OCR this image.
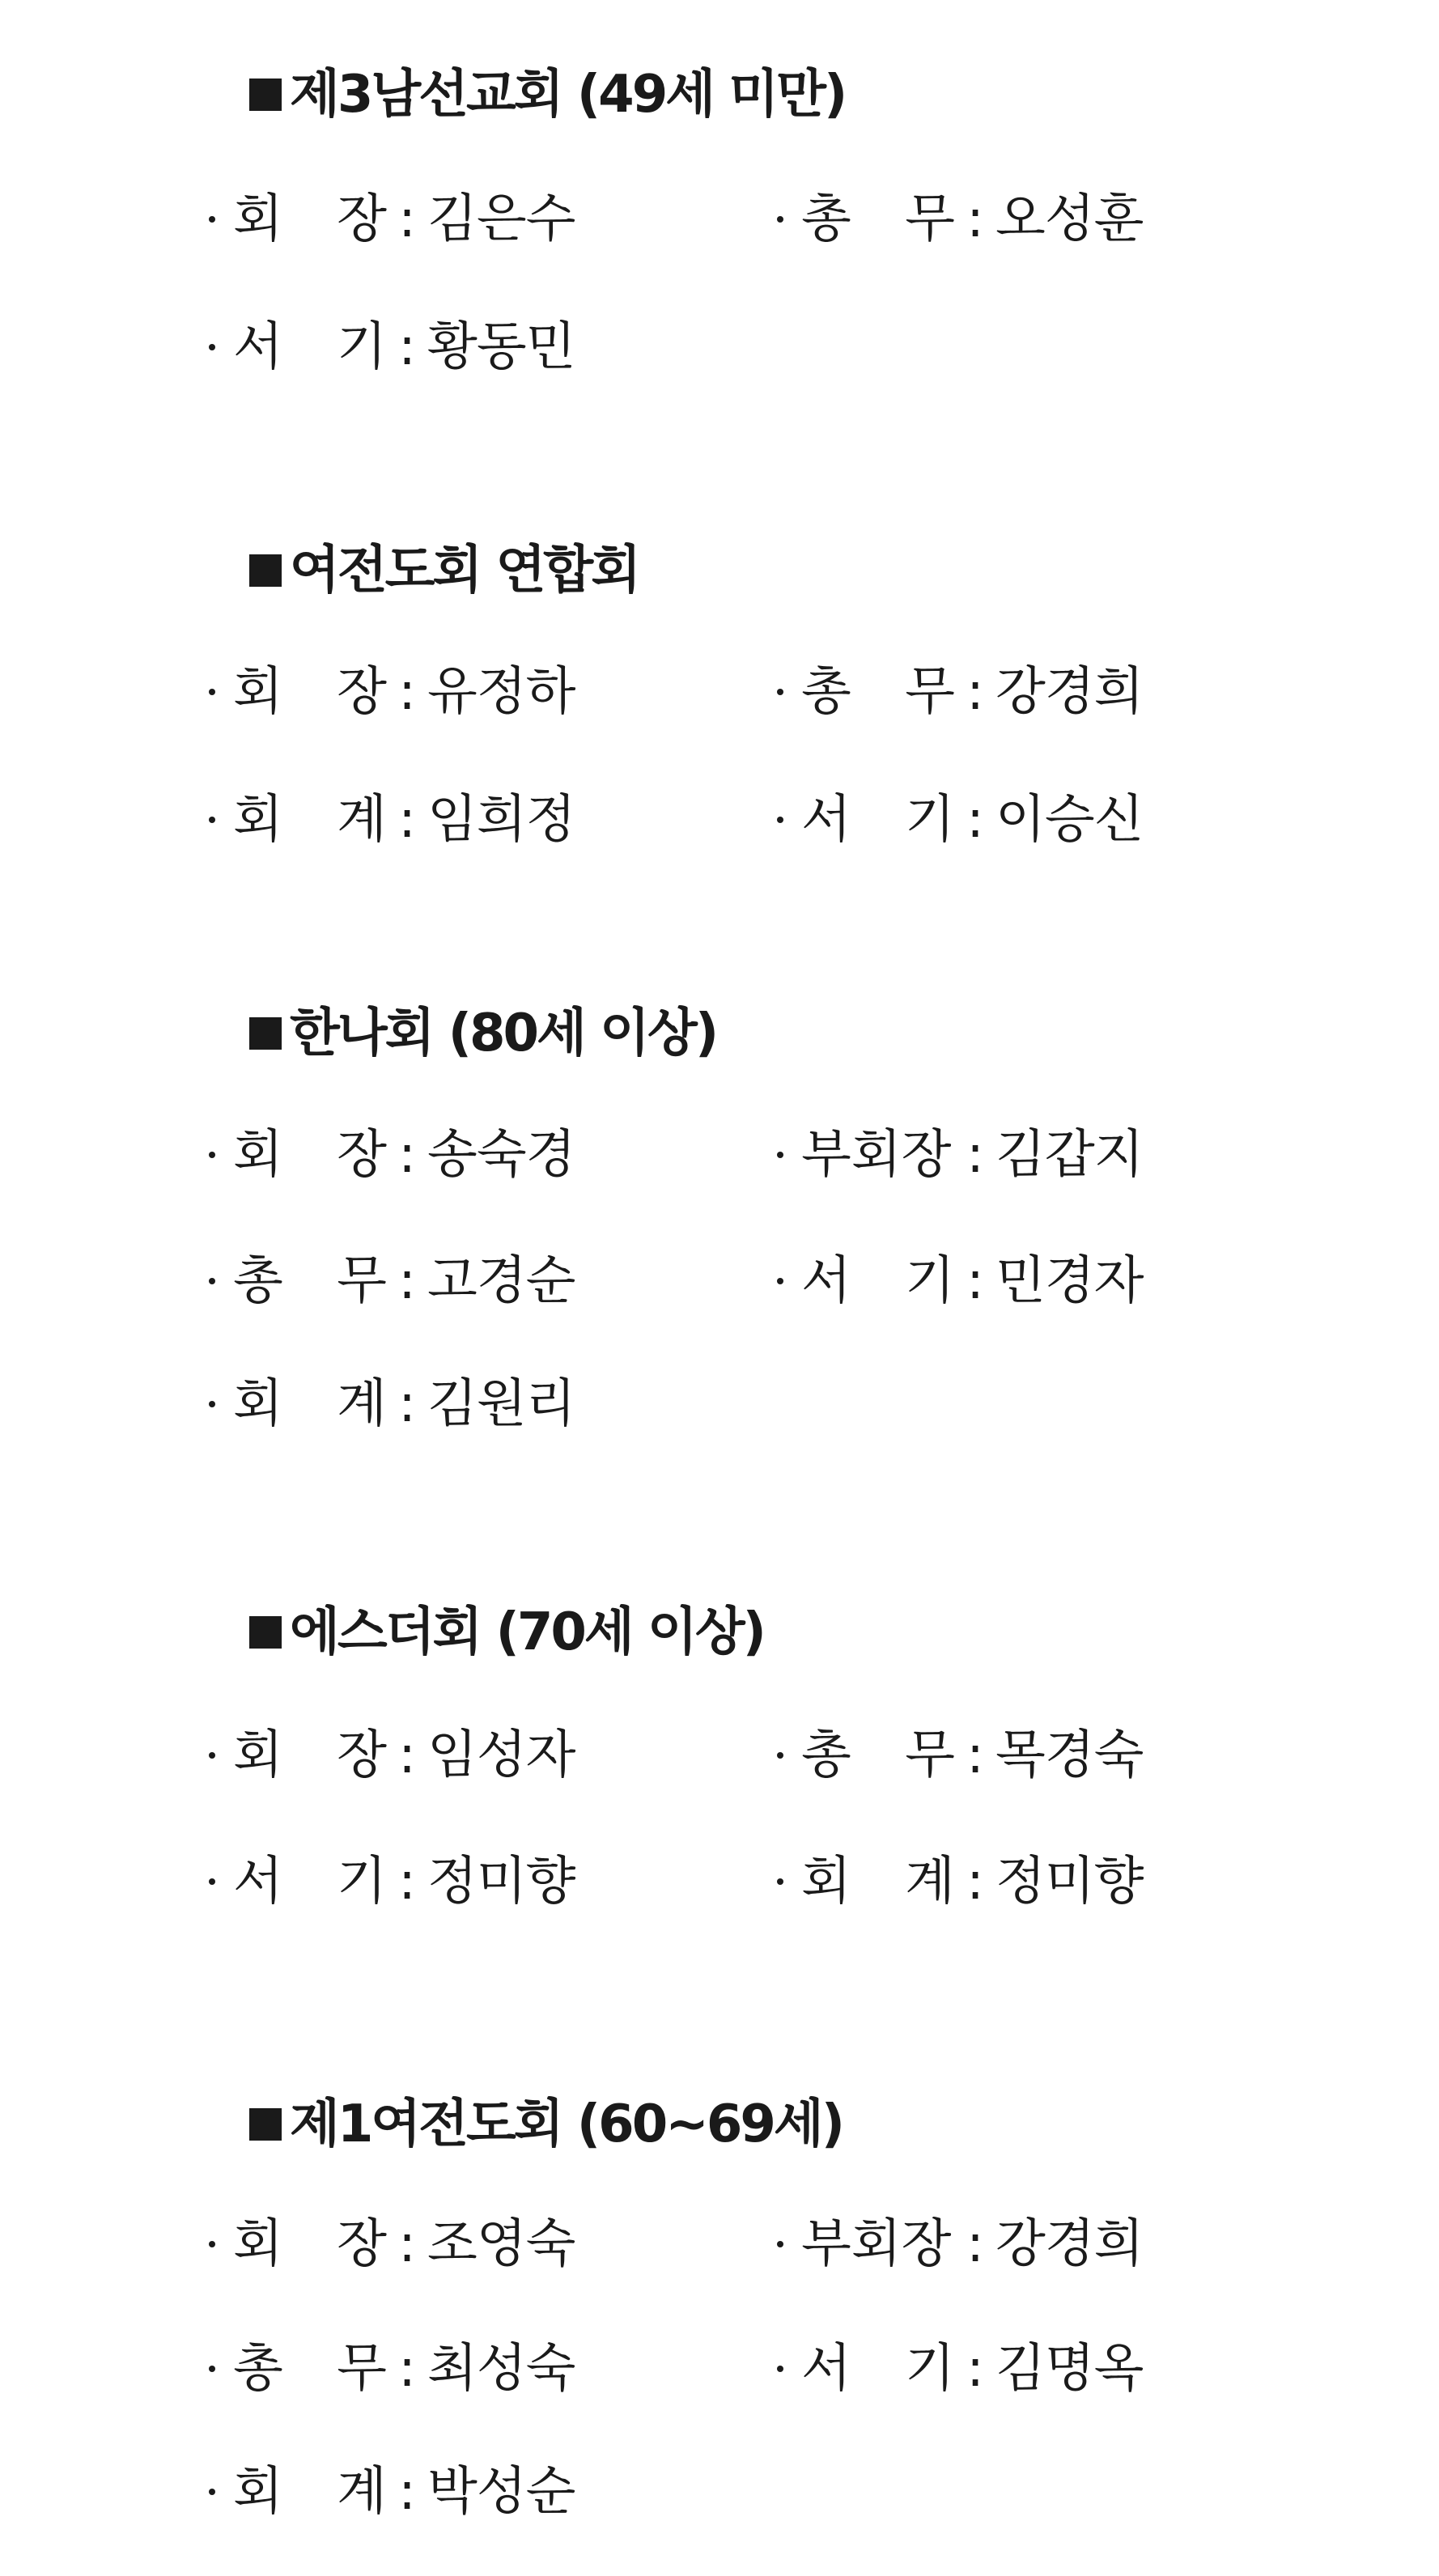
제3남선교회 (49세 미만)
회 장 : 김은수	총 무 : 오성훈
서 기 : 황동민
여전도회 연합회
회 장 : 유정하	총 무 : 강경희
회 계 : 임희정	서 기 : 이승신
한나회 (80세 이상)
회 장 : 송숙경	부회장 : 김갑지
총 무 : 고경순	서 기 : 민경자
회 계 : 김원리
에스더회 (70세 이상)
회 장 : 임성자	총 무 : 목경숙
서 기 : 정미향	회 계 : 정미향
제1여전도회 (60~69세)
회 장 : 조영숙	부회장 : 강경희
총 무 : 최성숙	서 기 : 김명옥
회 계 : 박성순
